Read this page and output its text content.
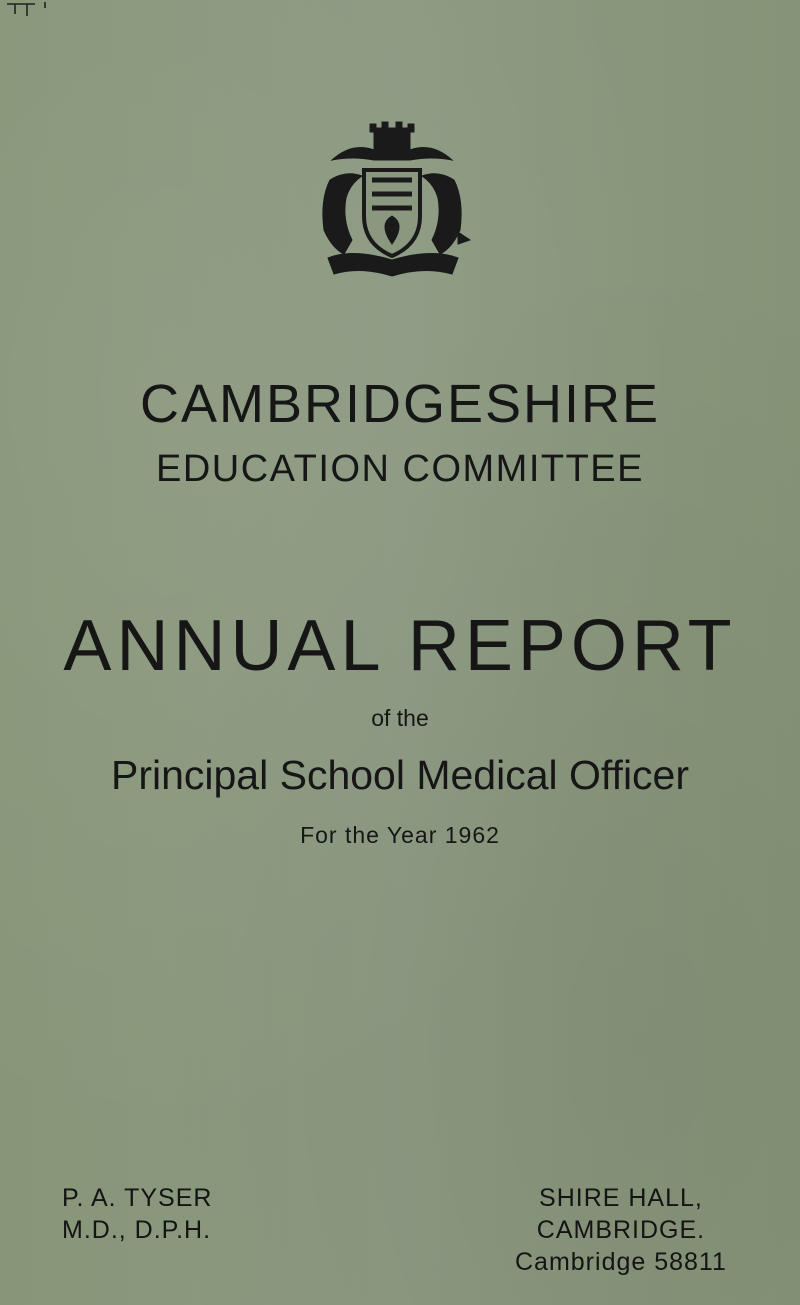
CAMBRIDGESHIRE
EDUCATION COMMITTEE
ANNUAL REPORT
of the
Principal School Medical Officer
For the Year 1962
P. A. TYSER
M.D., D.P.H.
SHIRE HALL,
CAMBRIDGE.
Cambridge 58811
